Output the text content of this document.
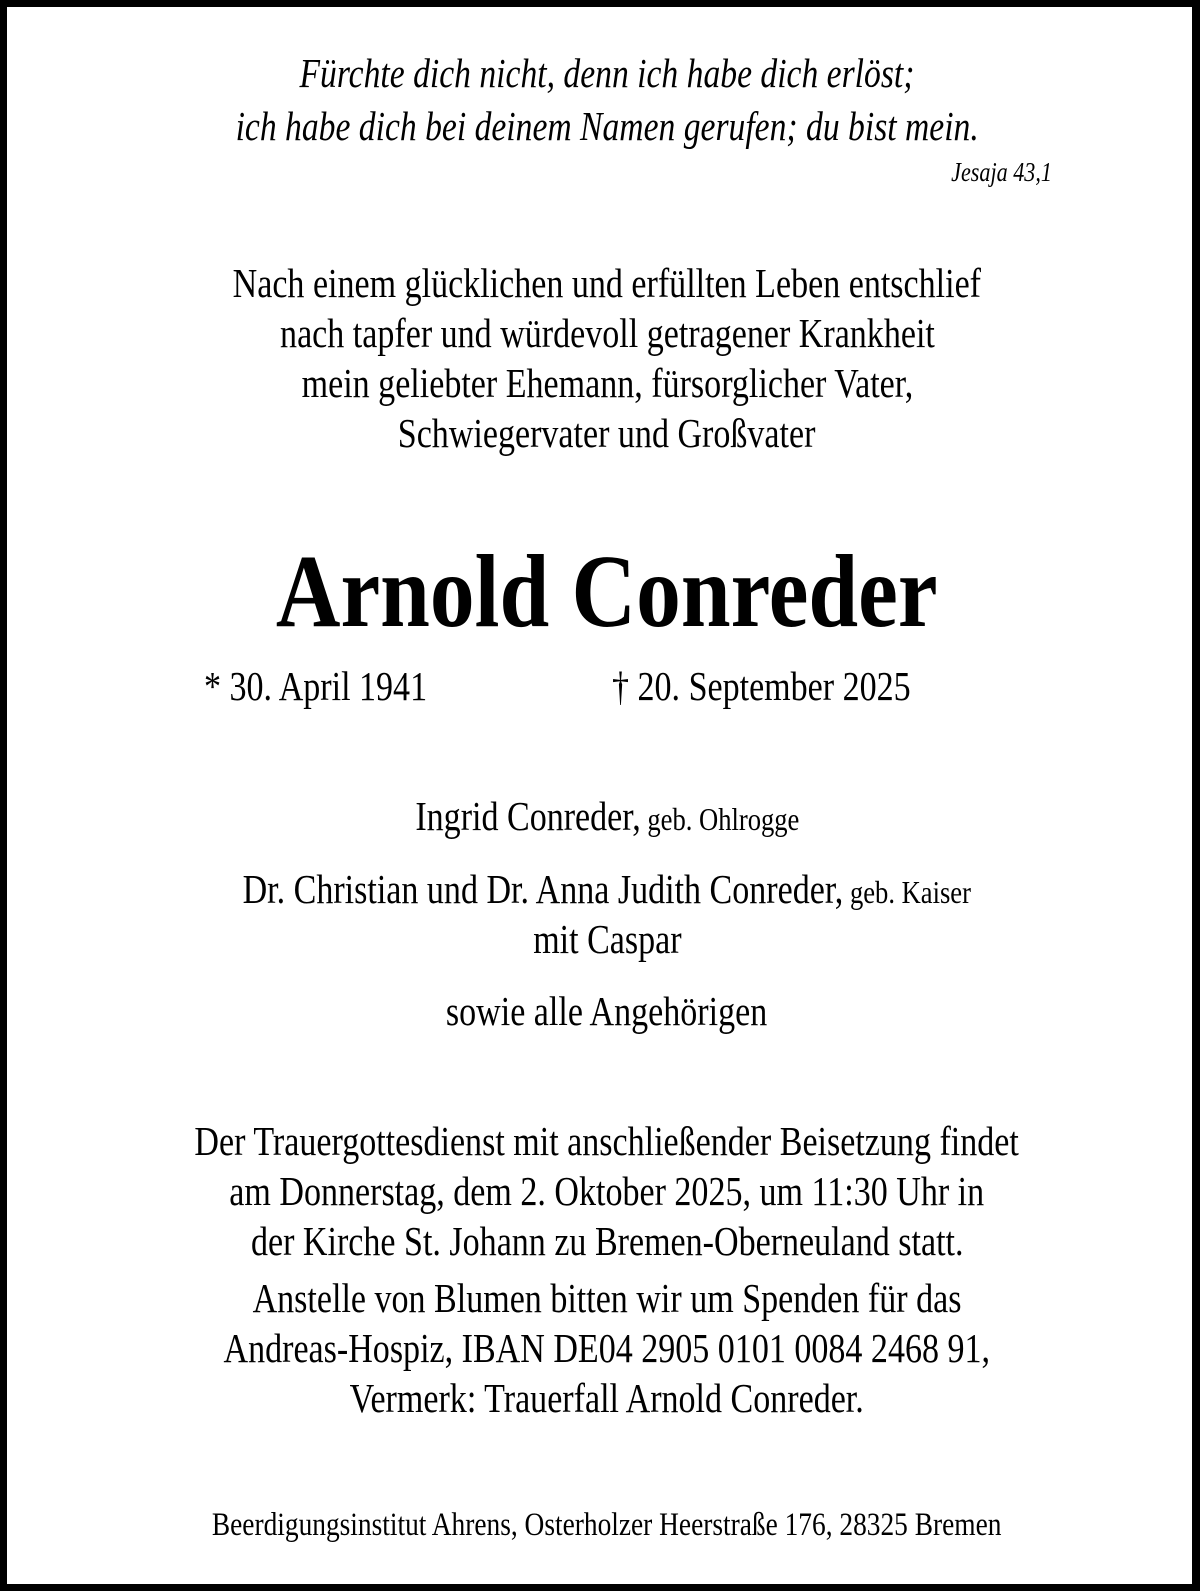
Fürchte dich nicht, denn ich habe dich erlöst;
ich habe dich bei deinem Namen gerufen; du bist mein.
Jesaja 43,1
Nach einem glücklichen und erfüllten Leben entschlief
nach tapfer und würdevoll getragener Krankheit
mein geliebter Ehemann, fürsorglicher Vater,
Schwiegervater und Großvater
Arnold Conreder
* 30. April 1941	† 20. September 2025
Ingrid Conreder, geb. Ohlrogge
Dr. Christian und Dr. Anna Judith Conreder, geb. Kaiser
mit Caspar
sowie alle Angehörigen
Der Trauergottesdienst mit anschließender Beisetzung findet
am Donnerstag, dem 2. Oktober 2025, um 11:30 Uhr in
der Kirche St. Johann zu Bremen-Oberneuland statt.
Anstelle von Blumen bitten wir um Spenden für das
Andreas-Hospiz, IBAN DE04 2905 0101 0084 2468 91,
Vermerk: Trauerfall Arnold Conreder.
Beerdigungsinstitut Ahrens, Osterholzer Heerstraße 176, 28325 Bremen
